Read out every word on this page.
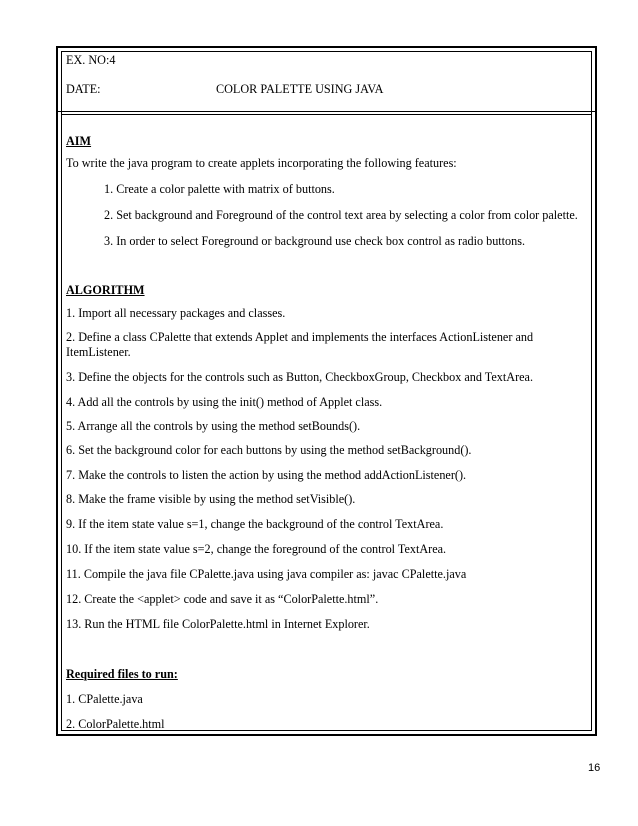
EX. NO:4
DATE:	COLOR PALETTE USING JAVA
AIM
To write the java program to create applets incorporating the following features:
1. Create a color palette with matrix of buttons.
2. Set background and Foreground of the control text area by selecting a color from color palette.
3. In order to select Foreground or background use check box control as radio buttons.
ALGORITHM
1. Import all necessary packages and classes.
2. Define a class CPalette that extends Applet and implements the interfaces ActionListener and ItemListener.
3. Define the objects for the controls such as Button, CheckboxGroup, Checkbox and TextArea.
4. Add all the controls by using the init() method of Applet class.
5. Arrange all the controls by using the method setBounds().
6. Set the background color for each buttons by using the method setBackground().
7. Make the controls to listen the action by using the method addActionListener().
8. Make the frame visible by using the method setVisible().
9. If the item state value s=1, change the background of the control TextArea.
10. If the item state value s=2, change the foreground of the control TextArea.
11. Compile the java file CPalette.java using java compiler as: javac CPalette.java
12. Create the <applet> code and save it as “ColorPalette.html”.
13. Run the HTML file ColorPalette.html in Internet Explorer.
Required files to run:
1. CPalette.java
2. ColorPalette.html
16
